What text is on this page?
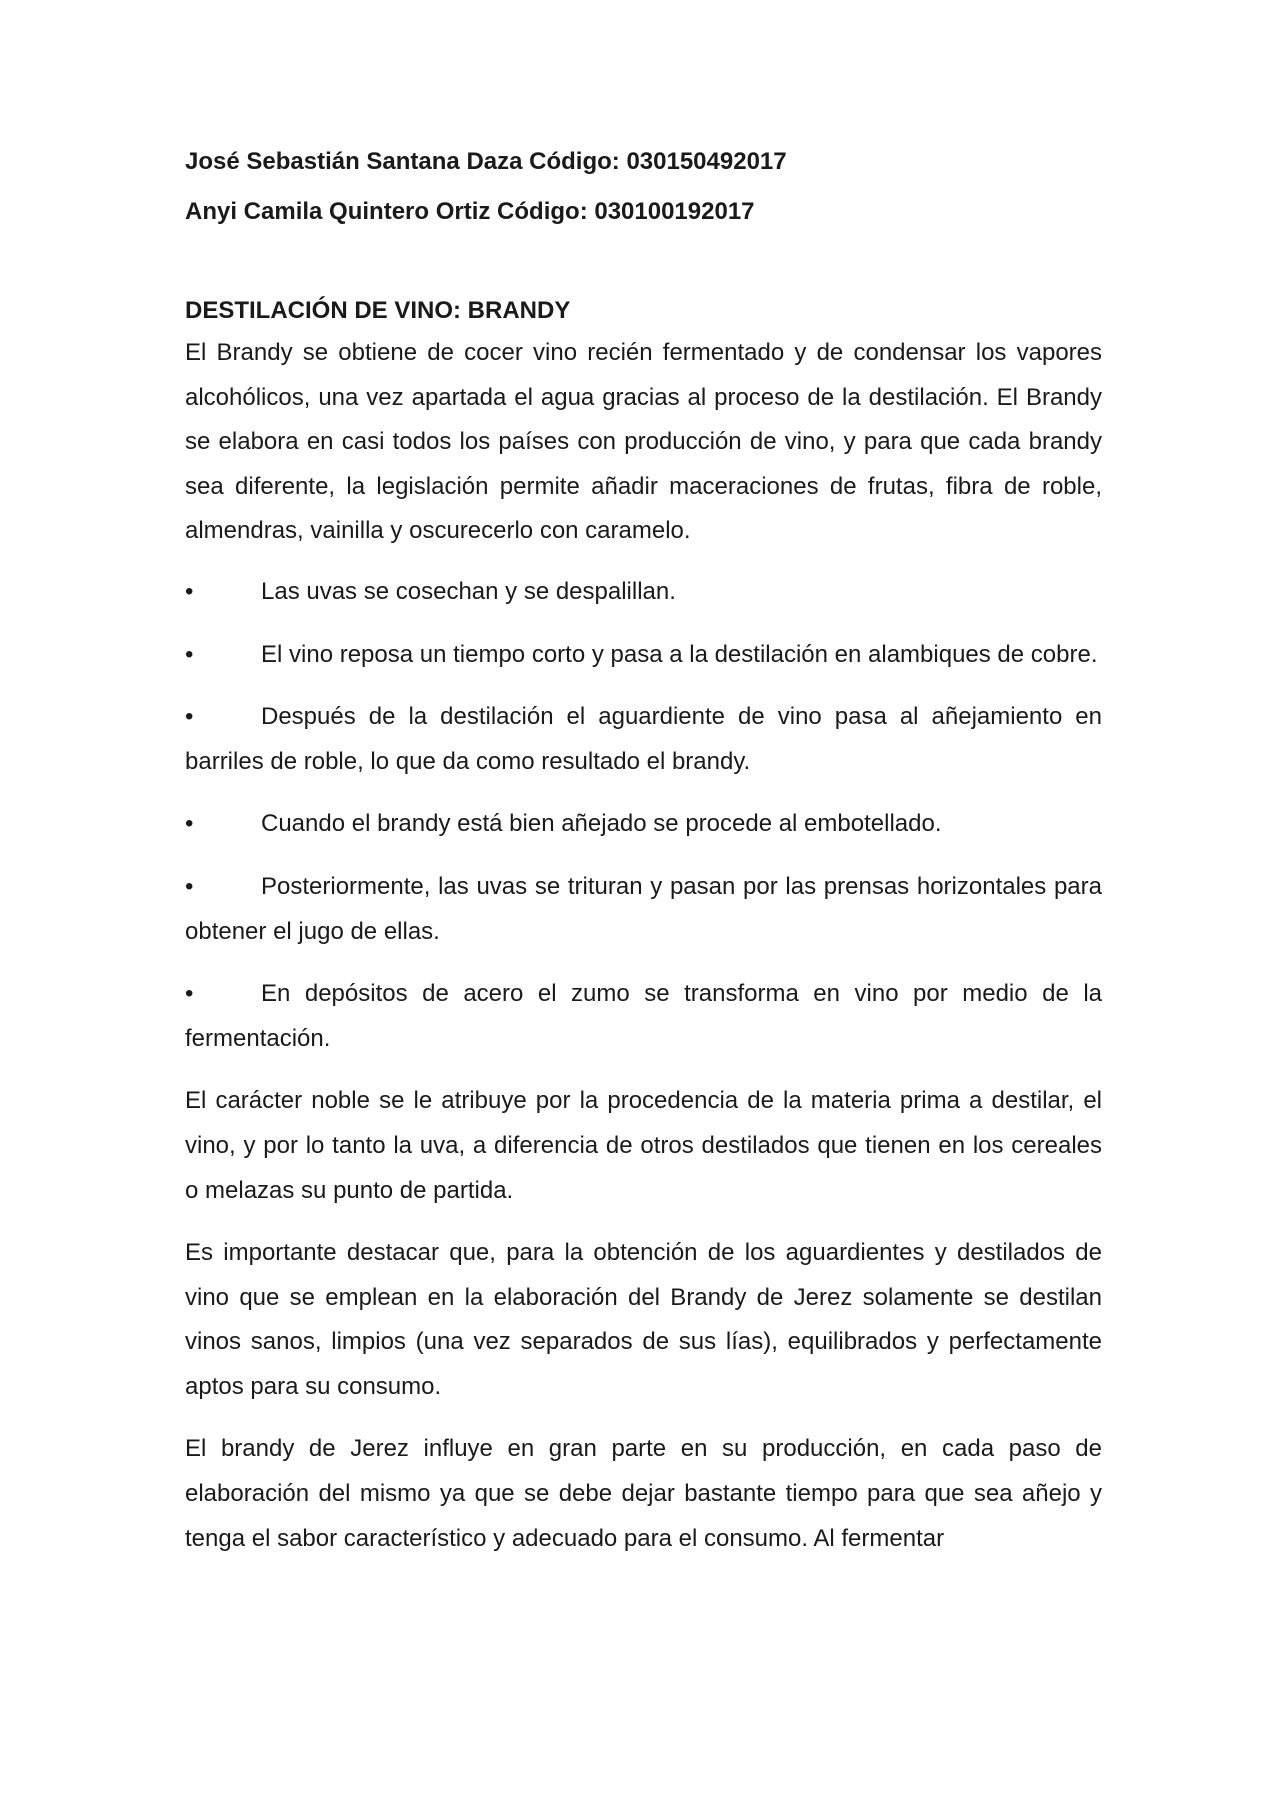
José Sebastián Santana Daza Código: 030150492017

Anyi Camila Quintero Ortiz Código: 030100192017

DESTILACIÓN DE VINO: BRANDY

El Brandy se obtiene de cocer vino recién fermentado y de condensar los vapores alcohólicos, una vez apartada el agua gracias al proceso de la destilación. El Brandy se elabora en casi todos los países con producción de vino, y para que cada brandy sea diferente, la legislación permite añadir maceraciones de frutas, fibra de roble, almendras, vainilla y oscurecerlo con caramelo.

•	Las uvas se cosechan y se despalillan.
•	El vino reposa un tiempo corto y pasa a la destilación en alambiques de cobre.
•	Después de la destilación el aguardiente de vino pasa al añejamiento en barriles de roble, lo que da como resultado el brandy.
•	Cuando el brandy está bien añejado se procede al embotellado.
•	Posteriormente, las uvas se trituran y pasan por las prensas horizontales para obtener el jugo de ellas.
•	En depósitos de acero el zumo se transforma en vino por medio de la fermentación.

El carácter noble se le atribuye por la procedencia de la materia prima a destilar, el vino, y por lo tanto la uva, a diferencia de otros destilados que tienen en los cereales o melazas su punto de partida.

Es importante destacar que, para la obtención de los aguardientes y destilados de vino que se emplean en la elaboración del Brandy de Jerez solamente se destilan vinos sanos, limpios (una vez separados de sus lías), equilibrados y perfectamente aptos para su consumo.

El brandy de Jerez influye en gran parte en su producción, en cada paso de elaboración del mismo ya que se debe dejar bastante tiempo para que sea añejo y tenga el sabor característico y adecuado para el consumo. Al fermentar
